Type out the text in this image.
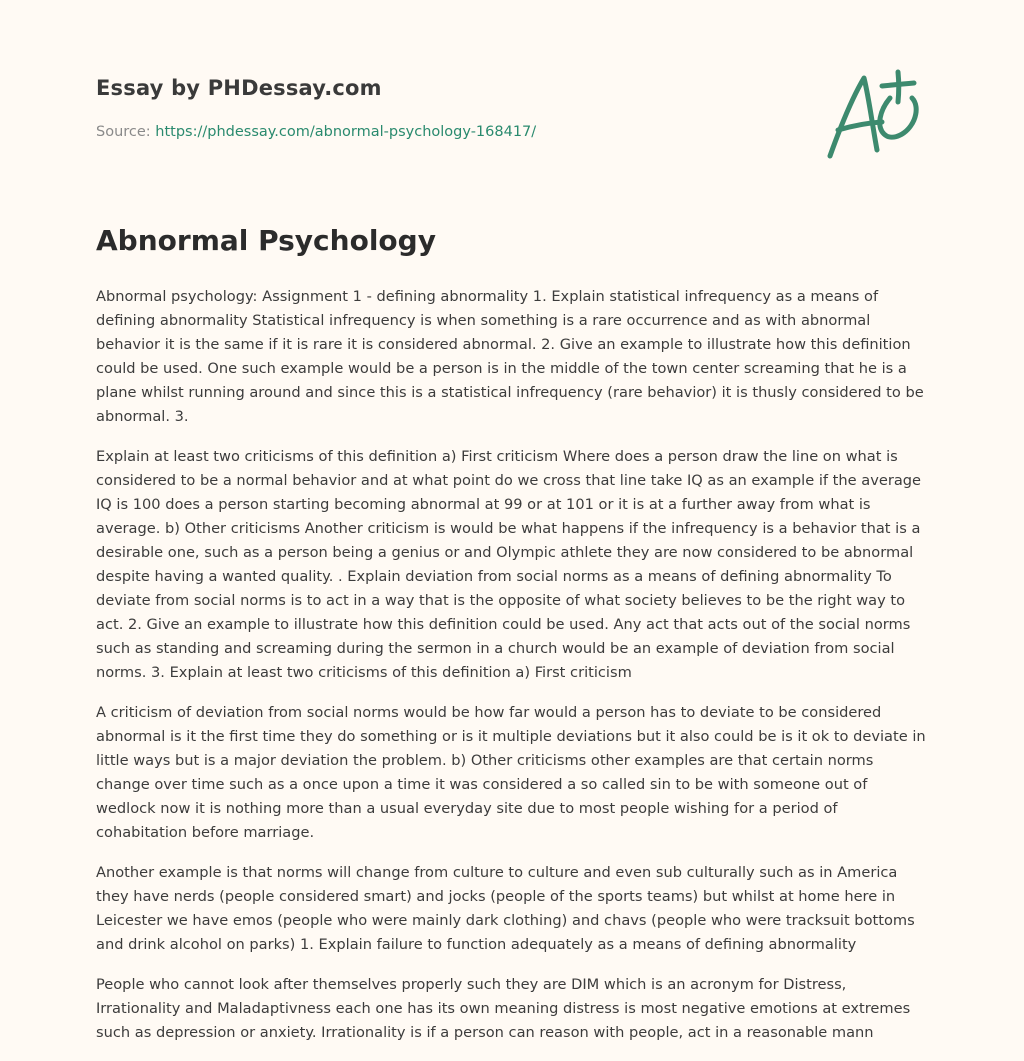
Essay by PHDessay.com
Source: https://phdessay.com/abnormal-psychology-168417/
Abnormal Psychology

Abnormal psychology: Assignment 1 - defining abnormality 1. Explain statistical infrequency as a means of defining abnormality Statistical infrequency is when something is a rare occurrence and as with abnormal behavior it is the same if it is rare it is considered abnormal. 2. Give an example to illustrate how this definition could be used. One such example would be a person is in the middle of the town center screaming that he is a plane whilst running around and since this is a statistical infrequency (rare behavior) it is thusly considered to be abnormal. 3.

Explain at least two criticisms of this definition a) First criticism Where does a person draw the line on what is considered to be a normal behavior and at what point do we cross that line take IQ as an example if the average IQ is 100 does a person starting becoming abnormal at 99 or at 101 or it is at a further away from what is average. b) Other criticisms Another criticism is would be what happens if the infrequency is a behavior that is a desirable one, such as a person being a genius or and Olympic athlete they are now considered to be abnormal despite having a wanted quality. . Explain deviation from social norms as a means of defining abnormality To deviate from social norms is to act in a way that is the opposite of what society believes to be the right way to act. 2. Give an example to illustrate how this definition could be used. Any act that acts out of the social norms such as standing and screaming during the sermon in a church would be an example of deviation from social norms. 3. Explain at least two criticisms of this definition a) First criticism

A criticism of deviation from social norms would be how far would a person has to deviate to be considered abnormal is it the first time they do something or is it multiple deviations but it also could be is it ok to deviate in little ways but is a major deviation the problem. b) Other criticisms other examples are that certain norms change over time such as a once upon a time it was considered a so called sin to be with someone out of wedlock now it is nothing more than a usual everyday site due to most people wishing for a period of cohabitation before marriage.

Another example is that norms will change from culture to culture and even sub culturally such as in America they have nerds (people considered smart) and jocks (people of the sports teams) but whilst at home here in Leicester we have emos (people who were mainly dark clothing) and chavs (people who were tracksuit bottoms and drink alcohol on parks) 1. Explain failure to function adequately as a means of defining abnormality

People who cannot look after themselves properly such they are DIM which is an acronym for Distress, Irrationality and Maladaptivness each one has its own meaning distress is most negative emotions at extremes such as depression or anxiety. Irrationality is if a person can reason with people, act in a reasonable mann
